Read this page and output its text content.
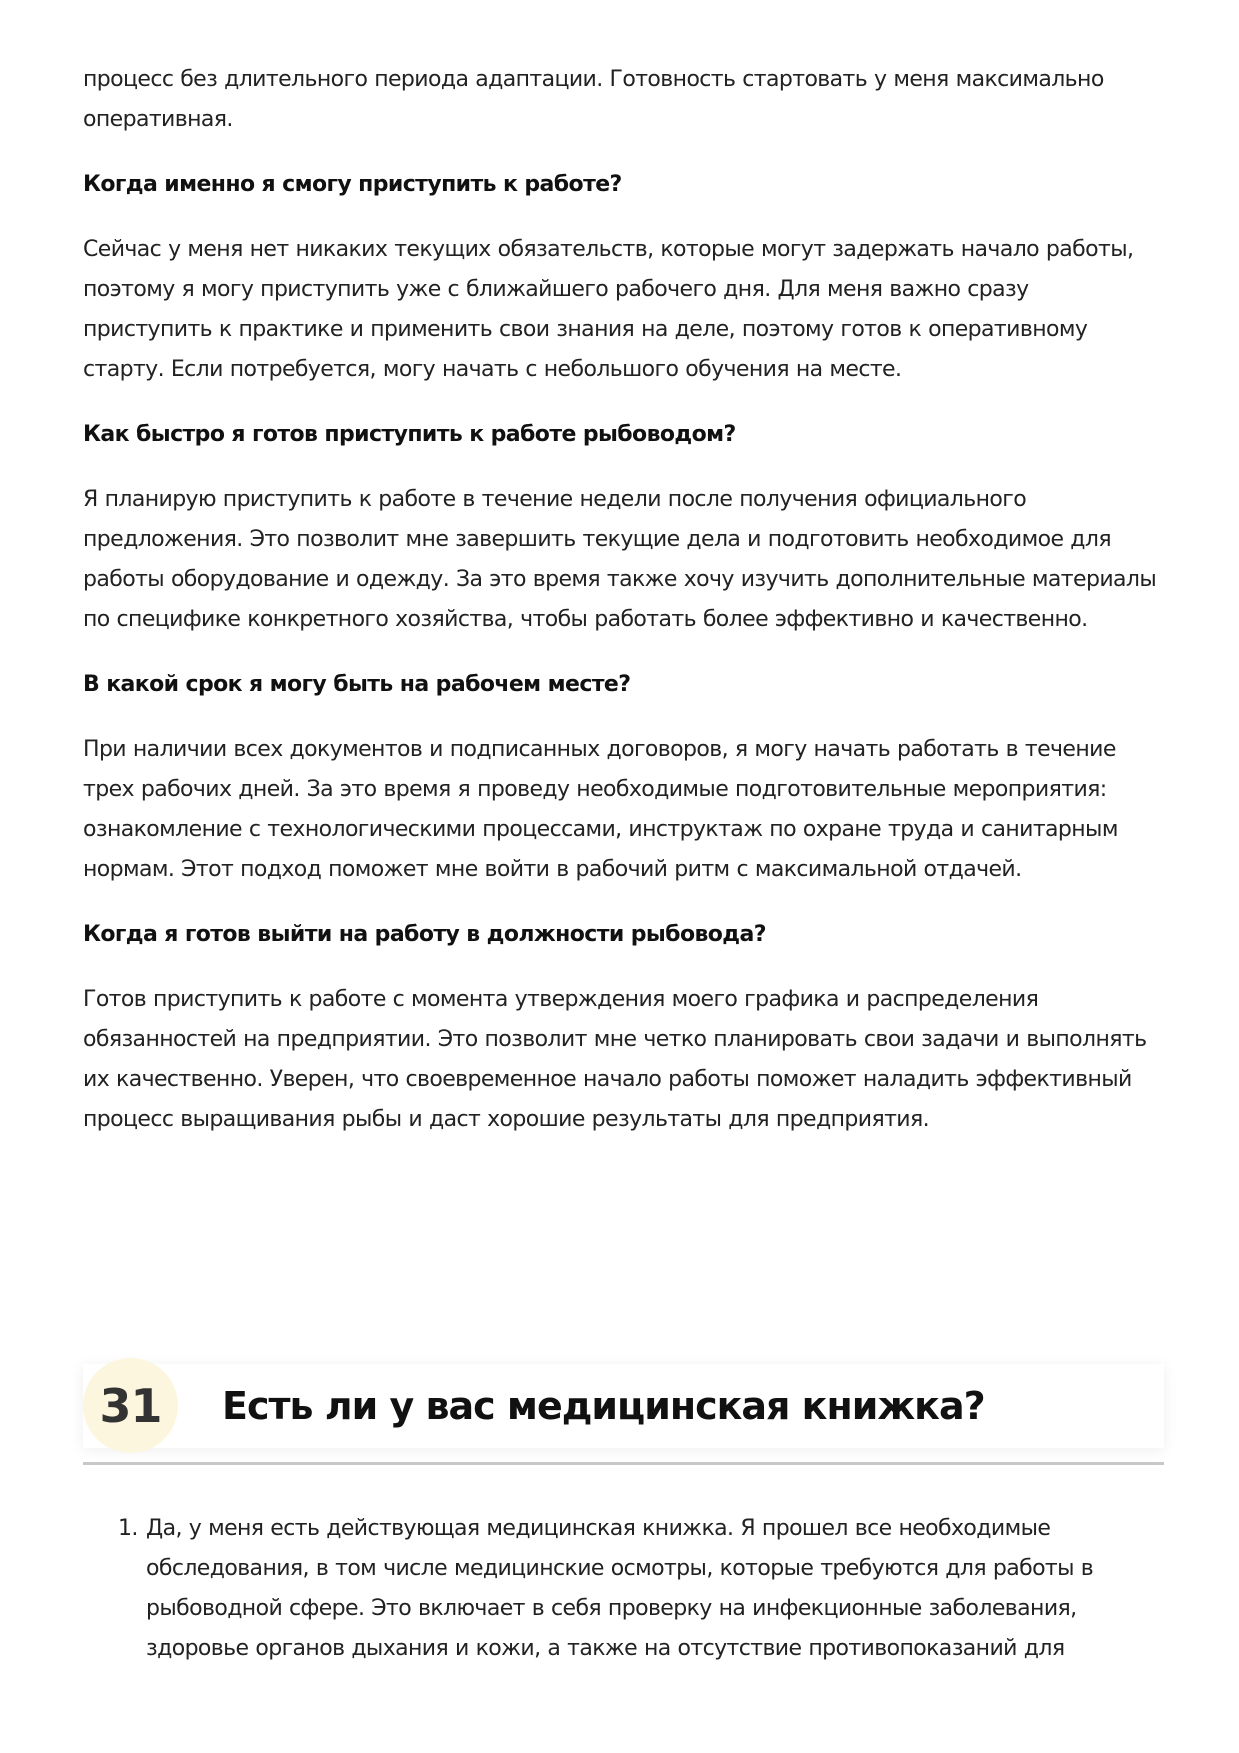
процесс без длительного периода адаптации. Готовность стартовать у меня максимально оперативная.

Когда именно я смогу приступить к работе?

Сейчас у меня нет никаких текущих обязательств, которые могут задержать начало работы, поэтому я могу приступить уже с ближайшего рабочего дня. Для меня важно сразу приступить к практике и применить свои знания на деле, поэтому готов к оперативному старту. Если потребуется, могу начать с небольшого обучения на месте.

Как быстро я готов приступить к работе рыбоводом?

Я планирую приступить к работе в течение недели после получения официального предложения. Это позволит мне завершить текущие дела и подготовить необходимое для работы оборудование и одежду. За это время также хочу изучить дополнительные материалы по специфике конкретного хозяйства, чтобы работать более эффективно и качественно.

В какой срок я могу быть на рабочем месте?

При наличии всех документов и подписанных договоров, я могу начать работать в течение трех рабочих дней. За это время я проведу необходимые подготовительные мероприятия: ознакомление с технологическими процессами, инструктаж по охране труда и санитарным нормам. Этот подход поможет мне войти в рабочий ритм с максимальной отдачей.

Когда я готов выйти на работу в должности рыбовода?

Готов приступить к работе с момента утверждения моего графика и распределения обязанностей на предприятии. Это позволит мне четко планировать свои задачи и выполнять их качественно. Уверен, что своевременное начало работы поможет наладить эффективный процесс выращивания рыбы и даст хорошие результаты для предприятия.

31 Есть ли у вас медицинская книжка?
1. Да, у меня есть действующая медицинская книжка. Я прошел все необходимые обследования, в том числе медицинские осмотры, которые требуются для работы в рыбоводной сфере. Это включает в себя проверку на инфекционные заболевания, здоровье органов дыхания и кожи, а также на отсутствие противопоказаний для
